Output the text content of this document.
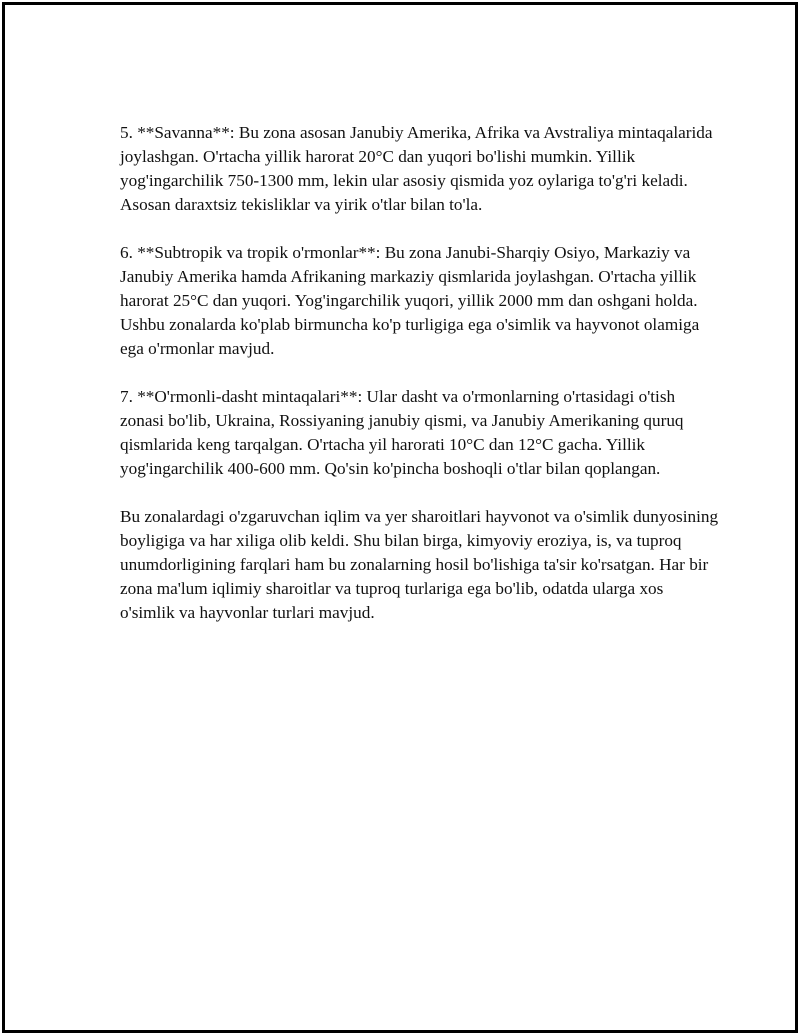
5. **Savanna**: Bu zona asosan Janubiy Amerika, Afrika va Avstraliya mintaqalarida joylashgan. O'rtacha yillik harorat 20°C dan yuqori bo'lishi mumkin. Yillik yog'ingarchilik 750-1300 mm, lekin ular asosiy qismida yoz oylariga to'g'ri keladi. Asosan daraxtsiz tekisliklar va yirik o'tlar bilan to'la.

6. **Subtropik va tropik o'rmonlar**: Bu zona Janubi-Sharqiy Osiyo, Markaziy va Janubiy Amerika hamda Afrikaning markaziy qismlarida joylashgan. O'rtacha yillik harorat 25°C dan yuqori. Yog'ingarchilik yuqori, yillik 2000 mm dan oshgani holda. Ushbu zonalarda ko'plab birmuncha ko'p turligiga ega o'simlik va hayvonot olamiga ega o'rmonlar mavjud.

7. **O'rmonli-dasht mintaqalari**: Ular dasht va o'rmonlarning o'rtasidagi o'tish zonasi bo'lib, Ukraina, Rossiyaning janubiy qismi, va Janubiy Amerikaning quruq qismlarida keng tarqalgan. O'rtacha yil harorati 10°C dan 12°C gacha. Yillik yog'ingarchilik 400-600 mm. Qo'sin ko'pincha boshoqli o'tlar bilan qoplangan.

Bu zonalardagi o'zgaruvchan iqlim va yer sharoitlari hayvonot va o'simlik dunyosining boyligiga va har xiligа olib keldi. Shu bilan birga, kimyoviy eroziya, is, va tuproq unumdorligining farqlari ham bu zonalarning hosil bo'lishiga ta'sir ko'rsatgan. Har bir zona ma'lum iqlimiy sharoitlar va tuproq turlariga ega bo'lib, odatda ularga xos o'simlik va hayvonlar turlari mavjud.
